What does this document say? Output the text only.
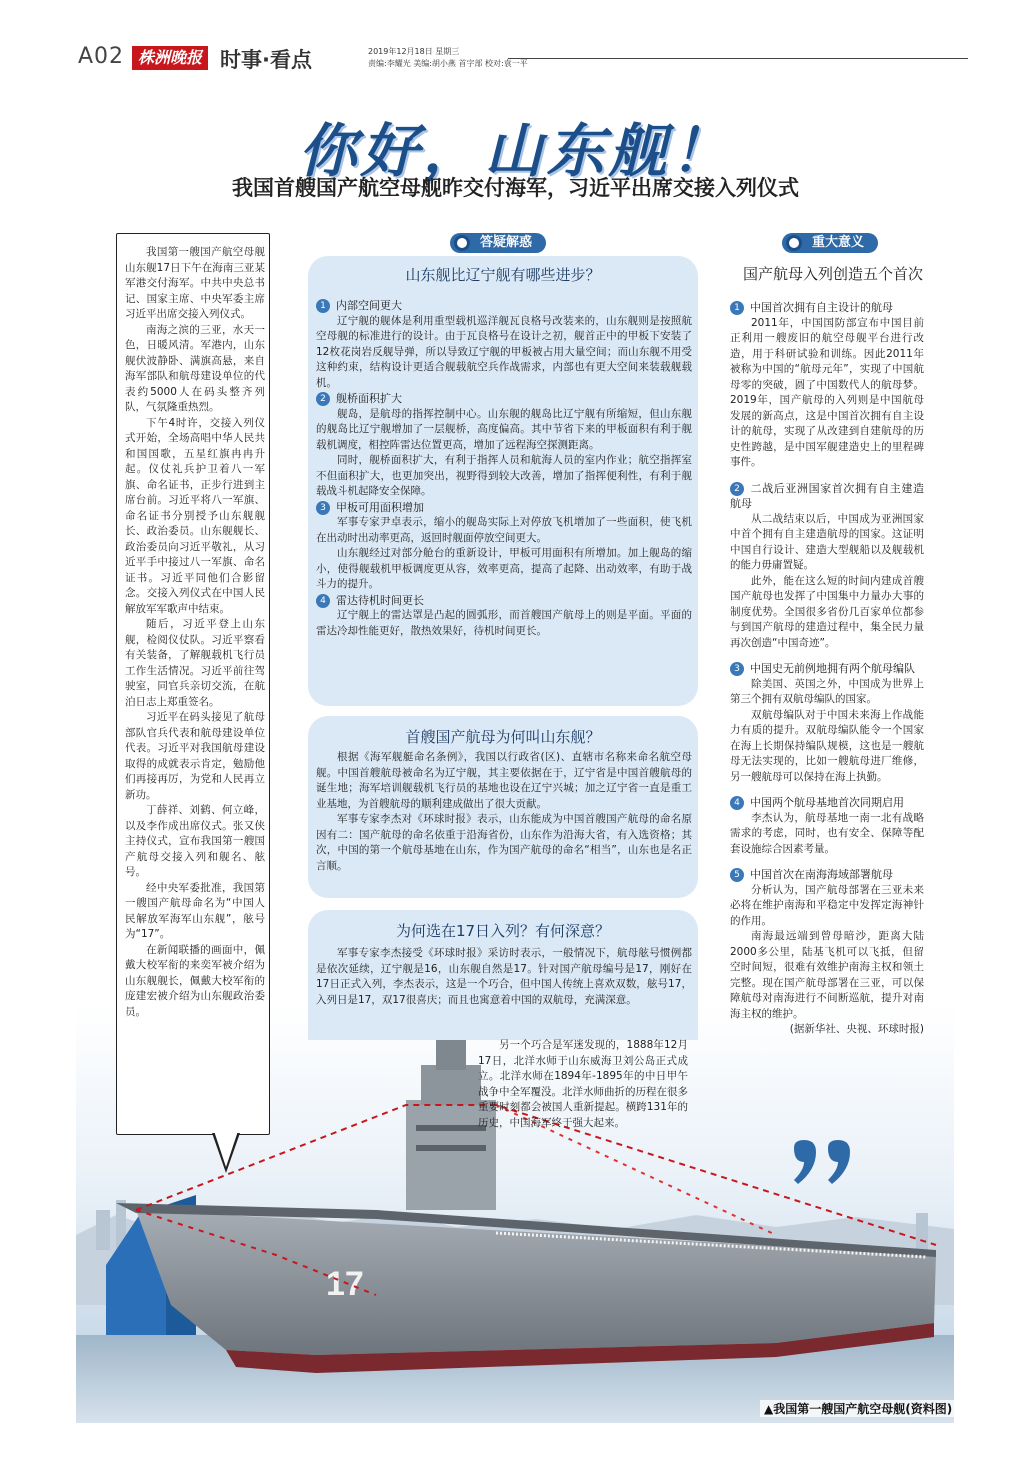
A02 株洲晚报 时事·看点	2019年12月18日 星期三
责编:李耀光 美编:胡小燕 首字部 校对:袁一平
你好，山东舰！
我国首艘国产航空母舰昨交付海军，习近平出席交接入列仪式
17
▲我国第一艘国产航空母舰(资料图)

我国第一艘国产航空母舰山东舰17日下午在海南三亚某军港交付海军。中共中央总书记、国家主席、中央军委主席习近平出席交接入列仪式。

南海之滨的三亚，水天一色，日暖风清。军港内，山东舰伏波静卧、满旗高悬，来自海军部队和航母建设单位的代表约5000人在码头整齐列队，气氛隆重热烈。

下午4时许，交接入列仪式开始，全场高唱中华人民共和国国歌，五星红旗冉冉升起。仪仗礼兵护卫着八一军旗、命名证书，正步行进到主席台前。习近平将八一军旗、命名证书分别授予山东舰舰长、政治委员。山东舰舰长、政治委员向习近平敬礼，从习近平手中接过八一军旗、命名证书。习近平同他们合影留念。交接入列仪式在中国人民解放军军歌声中结束。

随后，习近平登上山东舰，检阅仪仗队。习近平察看有关装备，了解舰载机飞行员工作生活情况。习近平前往驾驶室，同官兵亲切交流，在航泊日志上郑重签名。

习近平在码头接见了航母部队官兵代表和航母建设单位代表。习近平对我国航母建设取得的成就表示肯定，勉励他们再接再厉，为党和人民再立新功。

丁薛祥、刘鹤、何立峰，以及李作成出席仪式。张又侠主持仪式，宣布我国第一艘国产航母交接入列和舰名、舷号。

经中央军委批准，我国第一艘国产航母命名为“中国人民解放军海军山东舰”，舷号为“17”。

在新闻联播的画面中，佩戴大校军衔的来奕军被介绍为山东舰舰长，佩戴大校军衔的庞建宏被介绍为山东舰政治委员。

答疑解惑	重大意义
山东舰比辽宁舰有哪些进步？

1 内部空间更大

辽宁舰的舰体是利用重型载机巡洋舰瓦良格号改装来的，山东舰则是按照航空母舰的标准进行的设计。由于瓦良格号在设计之初，舰首正中的甲板下安装了12枚花岗岩反舰导弹，所以导致辽宁舰的甲板被占用大量空间；而山东舰不用受这种约束，结构设计更适合舰载航空兵作战需求，内部也有更大空间来装载舰载机。

2 舰桥面积扩大

舰岛，是航母的指挥控制中心。山东舰的舰岛比辽宁舰有所缩短，但山东舰的舰岛比辽宁舰增加了一层舰桥，高度偏高。其中节省下来的甲板面积有利于舰载机调度，相控阵雷达位置更高，增加了远程海空探测距离。

同时，舰桥面积扩大，有利于指挥人员和航海人员的室内作业；航空指挥室不但面积扩大，也更加突出，视野得到较大改善，增加了指挥便利性，有利于舰载战斗机起降安全保障。

3 甲板可用面积增加

军事专家尹卓表示，缩小的舰岛实际上对停放飞机增加了一些面积，使飞机在出动时出动率更高，返回时舰面停放空间更大。

山东舰经过对部分舱台的重新设计，甲板可用面积有所增加。加上舰岛的缩小，使得舰载机甲板调度更从容，效率更高，提高了起降、出动效率，有助于战斗力的提升。

4 雷达待机时间更长

辽宁舰上的雷达罩是凸起的圆弧形，而首艘国产航母上的则是平面。平面的雷达冷却性能更好，散热效果好，待机时间更长。

首艘国产航母为何叫山东舰？

根据《海军舰艇命名条例》，我国以行政省(区)、直辖市名称来命名航空母舰。中国首艘航母被命名为辽宁舰，其主要依据在于，辽宁省是中国首艘航母的诞生地；海军培训舰载机飞行员的基地也设在辽宁兴城；加之辽宁省一直是重工业基地，为首艘航母的顺利建成做出了很大贡献。

军事专家李杰对《环球时报》表示，山东能成为中国首艘国产航母的命名原因有二：国产航母的命名依重于沿海省份，山东作为沿海大省，有入选资格；其次，中国的第一个航母基地在山东，作为国产航母的命名“相当”，山东也是名正言顺。

为何选在17日入列？有何深意？

军事专家李杰接受《环球时报》采访时表示，一般情况下，航母舷号惯例都是依次延续，辽宁舰是16，山东舰自然是17。针对国产航母编号是17，刚好在17日正式入列，李杰表示，这是一个巧合，但中国人传统上喜欢双数，舷号17，入列日是17，双17很喜庆；而且也寓意着中国的双航母，充满深意。

另一个巧合是军迷发现的，1888年12月17日，北洋水师于山东威海卫刘公岛正式成立。北洋水师在1894年-1895年的中日甲午战争中全军覆没。北洋水师曲折的历程在很多重要时刻都会被国人重新提起。横跨131年的历史，中国海军终于强大起来。

国产航母入列创造五个首次

1 中国首次拥有自主设计的航母

2011年，中国国防部宣布中国目前正利用一艘废旧的航空母舰平台进行改造，用于科研试验和训练。因此2011年被称为中国的“航母元年”，实现了中国航母零的突破，圆了中国数代人的航母梦。2019年，国产航母的入列则是中国航母发展的新高点，这是中国首次拥有自主设计的航母，实现了从改建到自建航母的历史性跨越，是中国军舰建造史上的里程碑事件。

2 二战后亚洲国家首次拥有自主建造航母

从二战结束以后，中国成为亚洲国家中首个拥有自主建造航母的国家。这证明中国自行设计、建造大型舰船以及舰载机的能力毋庸置疑。

此外，能在这么短的时间内建成首艘国产航母也发挥了中国集中力量办大事的制度优势。全国很多省份几百家单位都参与到国产航母的建造过程中，集全民力量再次创造“中国奇迹”。

3 中国史无前例地拥有两个航母编队

除美国、英国之外，中国成为世界上第三个拥有双航母编队的国家。

双航母编队对于中国未来海上作战能力有质的提升。双航母编队能令一个国家在海上长期保持编队规模，这也是一艘航母无法实现的，比如一艘航母进厂维修，另一艘航母可以保持在海上执勤。

4 中国两个航母基地首次同期启用

李杰认为，航母基地一南一北有战略需求的考虑，同时，也有安全、保障等配套设施综合因素考量。

5 中国首次在南海海域部署航母

分析认为，国产航母部署在三亚未来必将在维护南海和平稳定中发挥定海神针的作用。

南海最远端到曾母暗沙，距离大陆2000多公里，陆基飞机可以飞抵，但留空时间短，很难有效维护南海主权和领土完整。现在国产航母部署在三亚，可以保障航母对南海进行不间断巡航，提升对南海主权的维护。

(据新华社、央视、环球时报)
